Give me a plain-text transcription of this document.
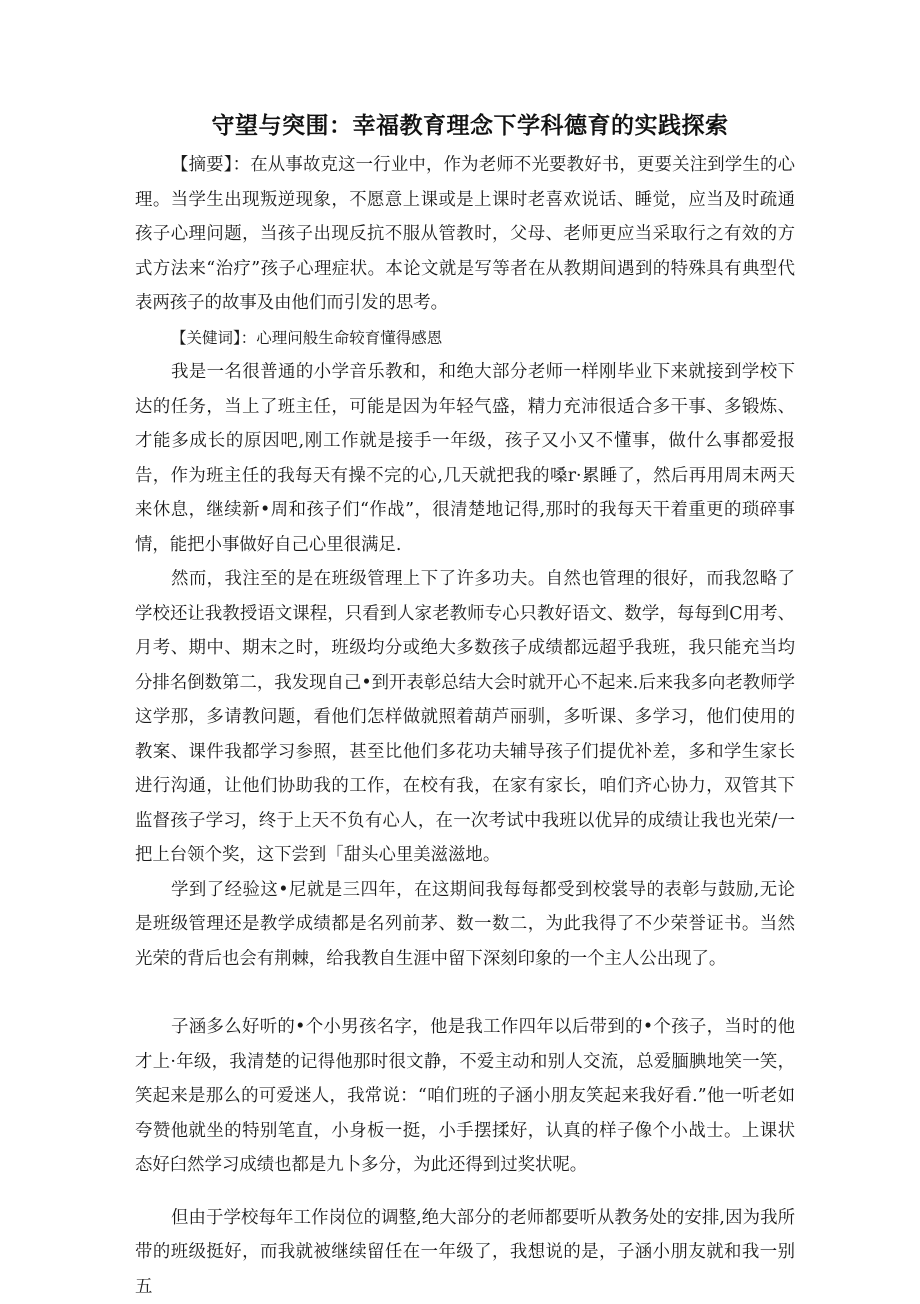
守望与突围：幸福教育理念下学科德育的实践探索

【摘要】：在从事故克这一行业中，作为老师不光要教好书，更要关注到学生的心理。当学生出现叛逆现象，不愿意上课或是上课时老喜欢说话、睡觉，应当及时疏通孩子心理问题，当孩子出现反抗不服从管教时，父母、老师更应当采取行之有效的方式方法来“治疗”孩子心理症状。本论文就是写等者在从教期间遇到的特殊具有典型代表两孩子的故事及由他们而引发的思考。

【关健词】：心理问般生命较育懂得感恩

我是一名很普通的小学音乐教和，和绝大部分老师一样刚毕业下来就接到学校下达的任务，当上了班主任，可能是因为年轻气盛，精力充沛很适合多干事、多锻炼、才能多成长的原因吧,刚工作就是接手一年级，孩子又小又不懂事，做什么事都爱报告，作为班主任的我每天有操不完的心,几天就把我的嗓r·累睡了，然后再用周末两天来休息，继续新•周和孩子们“作战”，很清楚地记得,那时的我每天干着重更的琐碎事情，能把小事做好自己心里很满足.

然而，我注至的是在班级管理上下了许多功夫。自然也管理的很好，而我忽略了学校还让我教授语文课程，只看到人家老教师专心只教好语文、数学，每每到C用考、月考、期中、期末之时，班级均分或绝大多数孩子成绩都远超乎我班，我只能充当均分排名倒数第二，我发现自己•到开表彰总结大会时就开心不起来.后来我多向老教师学这学那，多请教问题，看他们怎样做就照着葫芦丽驯，多听课、多学习，他们使用的教案、课件我都学习参照，甚至比他们多花功夫辅导孩子们提优补差，多和学生家长进行沟通，让他们协助我的工作，在校有我，在家有家长，咱们齐心协力，双管其下监督孩子学习，终于上天不负有心人，在一次考试中我班以优异的成绩让我也光荣/一把上台领个奖，这下尝到「甜头心里美滋滋地。

学到了经验这•尼就是三四年，在这期间我每每都受到校裳导的表彰与鼓励,无论是班级管理还是教学成绩都是名列前茅、数一数二，为此我得了不少荣誉证书。当然光荣的背后也会有荆棘，给我教自生涯中留下深刻印象的一个主人公出现了。

子涵多么好听的•个小男孩名字，他是我工作四年以后带到的•个孩子，当时的他才上·年级，我清楚的记得他那时很文静，不爱主动和别人交流，总爱腼腆地笑一笑，笑起来是那么的可爱迷人，我常说：“咱们班的子涵小朋友笑起来我好看.”他一听老如夸赞他就坐的特别笔直，小身板一挺，小手摆揉好，认真的样子像个小战士。上课状态好臼然学习成绩也都是九卜多分，为此还得到过奖状呢。

但由于学校每年工作岗位的调整,绝大部分的老师都要听从教务处的安排,因为我所带的班级挺好，而我就被继续留任在一年级了，我想说的是，子涵小朋友就和我一别五
